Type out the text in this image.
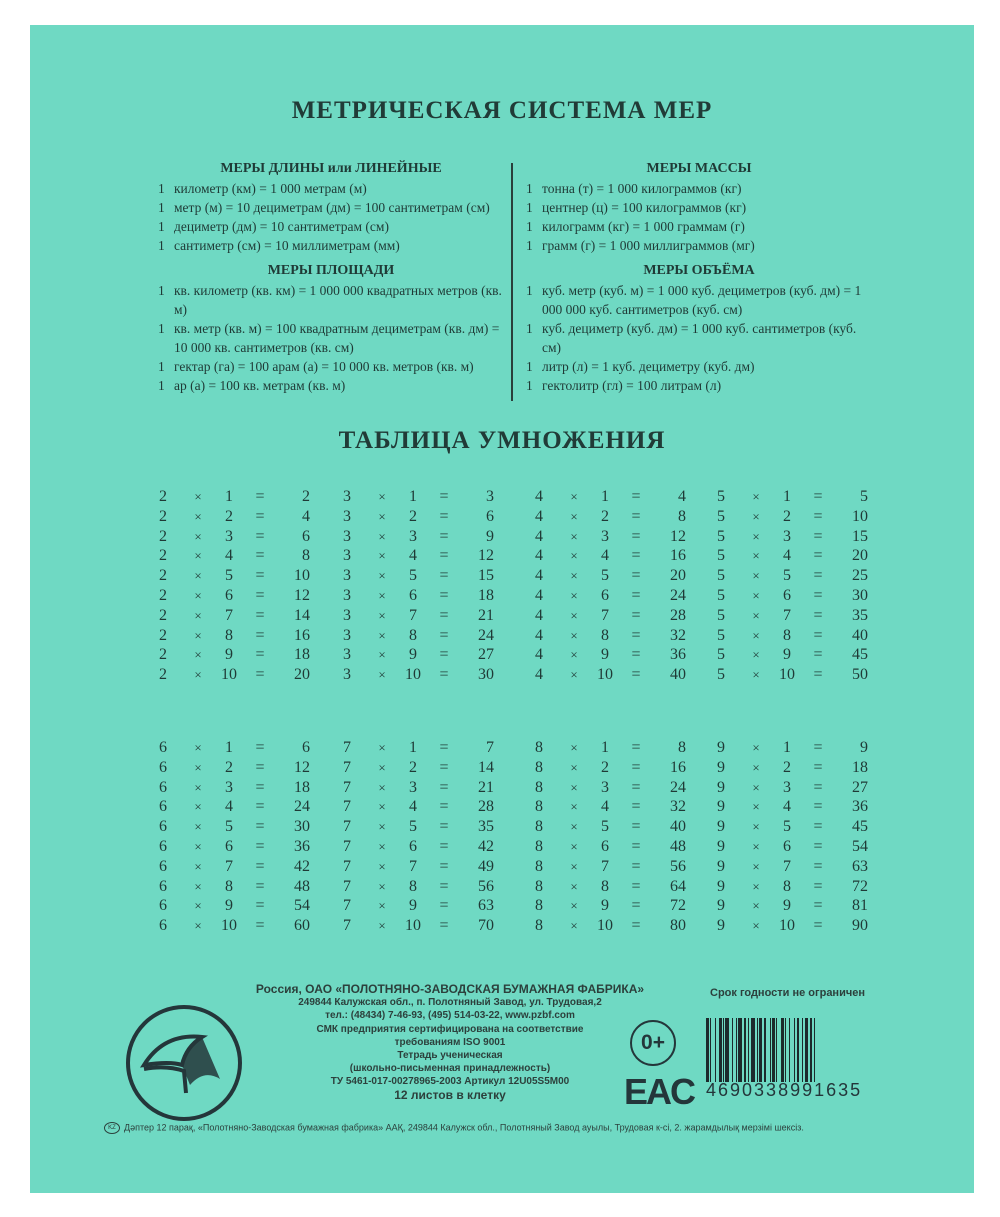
МЕТРИЧЕСКАЯ СИСТЕМА МЕР
МЕРЫ ДЛИНЫ или ЛИНЕЙНЫЕ
1 километр (км) = 1 000 метрам (м)
1 метр (м) = 10 дециметрам (дм) = 100 сантиметрам (см)
1 дециметр (дм) = 10 сантиметрам (см)
1 сантиметр (см) = 10 миллиметрам (мм)
МЕРЫ ПЛОЩАДИ
1 кв. километр (кв. км) = 1 000 000 квадратных метров (кв. м)
1 кв. метр (кв. м) = 100 квадратным дециметрам (кв. дм) = 10 000 кв. сантиметров (кв. см)
1 гектар (га) = 100 арам (а) = 10 000 кв. метров (кв. м)
1 ар (а) = 100 кв. метрам (кв. м)
МЕРЫ МАССЫ
1 тонна (т) = 1 000 килограммов (кг)
1 центнер (ц) = 100 килограммов (кг)
1 килограмм (кг) = 1 000 граммам (г)
1 грамм (г) = 1 000 миллиграммов (мг)
МЕРЫ ОБЪЁМА
1 куб. метр (куб. м) = 1 000 куб. дециметров (куб. дм) = 1 000 000 куб. сантиметров (куб. см)
1 куб. дециметр (куб. дм) = 1 000 куб. сантиметров (куб. см)
1 литр (л) = 1 куб. дециметру (куб. дм)
1 гектолитр (гл) = 100 литрам (л)
ТАБЛИЦА УМНОЖЕНИЯ
2	×	1	=	2
2	×	2	=	4
2	×	3	=	6
2	×	4	=	8
2	×	5	=	10
2	×	6	=	12
2	×	7	=	14
2	×	8	=	16
2	×	9	=	18
2	× 10 =	20
3	×	1	=	3
3	×	2	=	6
3	×	3	=	9
3	×	4	=	12
3	×	5	=	15
3	×	6	=	18
3	×	7	=	21
3	×	8	=	24
3	×	9	=	27
3	× 10 =	30
4	×	1	=	4
4	×	2	=	8
4	×	3	=	12
4	×	4	=	16
4	×	5	=	20
4	×	6	=	24
4	×	7	=	28
4	×	8	=	32
4	×	9	=	36
4	× 10 =	40
5	×	1	=	5
5	×	2	=	10
5	×	3	=	15
5	×	4	=	20
5	×	5	=	25
5	×	6	=	30
5	×	7	=	35
5	×	8	=	40
5	×	9	=	45
5	× 10 =	50
6	×	1	=	6
6	×	2	=	12
6	×	3	=	18
6	×	4	=	24
6	×	5	=	30
6	×	6	=	36
6	×	7	=	42
6	×	8	=	48
6	×	9	=	54
6	× 10 =	60
7	×	1	=	7
7	×	2	=	14
7	×	3	=	21
7	×	4	=	28
7	×	5	=	35
7	×	6	=	42
7	×	7	=	49
7	×	8	=	56
7	×	9	=	63
7	× 10 =	70
8	×	1	=	8
8	×	2	=	16
8	×	3	=	24
8	×	4	=	32
8	×	5	=	40
8	×	6	=	48
8	×	7	=	56
8	×	8	=	64
8	×	9	=	72
8	× 10 =	80
9	×	1	=	9
9	×	2	=	18
9	×	3	=	27
9	×	4	=	36
9	×	5	=	45
9	×	6	=	54
9	×	7	=	63
9	×	8	=	72
9	×	9	=	81
9	× 10 =	90
Россия, ОАО «ПОЛОТНЯНО-ЗАВОДСКАЯ БУМАЖНАЯ ФАБРИКА»
249844 Калужская обл., п. Полотняный Завод, ул. Трудовая,2
тел.: (48434) 7-46-93, (495) 514-03-22, www.pzbf.com
СМК предприятия сертифицирована на соответствие
требованиям ISO 9001
Тетрадь ученическая
(школьно-письменная принадлежность)
ТУ 5461-017-00278965-2003 Артикул 12U05S5M00
12 листов в клетку
Срок годности не ограничен
0+
EAC 4690338991635
KZ Дәптер 12 парақ, «Полотняно-Заводская бумажная фабрика» ААҚ, 249844 Калужск обл., Полотняный Завод ауылы, Трудовая к-сі, 2. жарамдылық мерзімі шексіз.
